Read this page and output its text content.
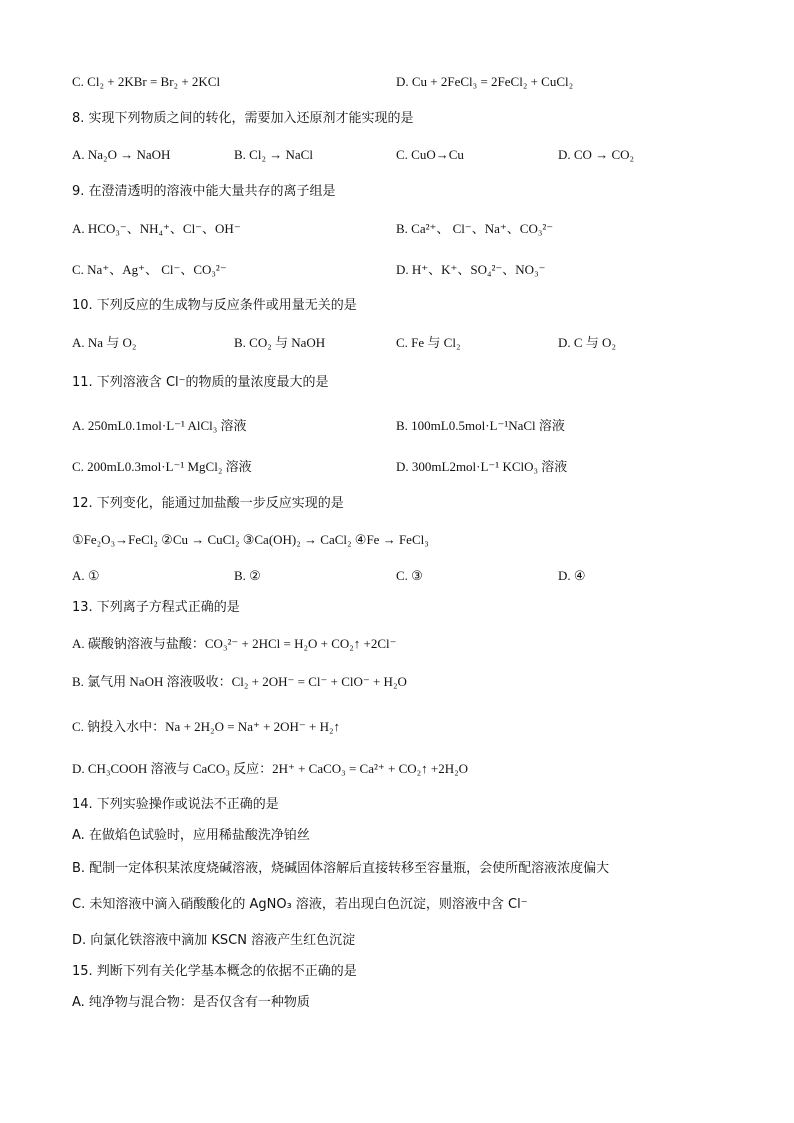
C. Cl₂ + 2KBr = Br₂ + 2KCl	D. Cu + 2FeCl₃ = 2FeCl₂ + CuCl₂
8. 实现下列物质之间的转化，需要加入还原剂才能实现的是
A. Na₂O → NaOH	B. Cl₂ → NaCl	C. CuO→Cu	D. CO → CO₂
9. 在澄清透明的溶液中能大量共存的离子组是
A. HCO₃⁻、NH₄⁺、Cl⁻、OH⁻	B. Ca²⁺、 Cl⁻、Na⁺、CO₃²⁻
C. Na⁺、Ag⁺、 Cl⁻、CO₃²⁻	D. H⁺、K⁺、SO₄²⁻、NO₃⁻
10. 下列反应的生成物与反应条件或用量无关的是
A. Na 与 O₂	B. CO₂ 与 NaOH	C. Fe 与 Cl₂	D. C 与 O₂
11. 下列溶液含 Cl⁻的物质的量浓度最大的是
A. 250mL0.1mol·L⁻¹ AlCl₃ 溶液	B. 100mL0.5mol·L⁻¹NaCl 溶液
C. 200mL0.3mol·L⁻¹ MgCl₂ 溶液	D. 300mL2mol·L⁻¹ KClO₃ 溶液
12. 下列变化，能通过加盐酸一步反应实现的是
①Fe₂O₃→FeCl₂ ②Cu → CuCl₂ ③Ca(OH)₂ → CaCl₂ ④Fe → FeCl₃
A. ①	B. ②	C. ③	D. ④
13. 下列离子方程式正确的是
A. 碳酸钠溶液与盐酸：CO₃²⁻ + 2HCl = H₂O + CO₂↑ +2Cl⁻
B. 氯气用 NaOH 溶液吸收：Cl₂ + 2OH⁻ = Cl⁻ + ClO⁻ + H₂O
C. 钠投入水中：Na + 2H₂O = Na⁺ + 2OH⁻ + H₂↑
D. CH₃COOH 溶液与 CaCO₃ 反应：2H⁺ + CaCO₃ = Ca²⁺ + CO₂↑ +2H₂O
14. 下列实验操作或说法不正确的是
A. 在做焰色试验时，应用稀盐酸洗净铂丝
B. 配制一定体积某浓度烧碱溶液，烧碱固体溶解后直接转移至容量瓶，会使所配溶液浓度偏大
C. 未知溶液中滴入硝酸酸化的 AgNO₃ 溶液，若出现白色沉淀，则溶液中含 Cl⁻
D. 向氯化铁溶液中滴加 KSCN 溶液产生红色沉淀
15. 判断下列有关化学基本概念的依据不正确的是
A. 纯净物与混合物：是否仅含有一种物质
